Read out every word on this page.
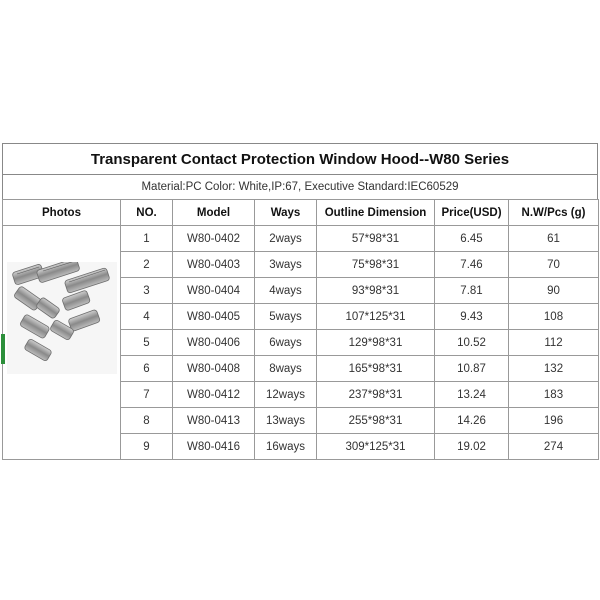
Transparent Contact Protection Window Hood--W80 Series
Material:PC Color: White,IP:67, Executive Standard:IEC60529
Photos	NO.	Model	Ways	Outline Dimension	Price(USD)	N.W/Pcs (g)

	1	W80-0402	2ways	57*98*31	6.45	61
	2	W80-0403	3ways	75*98*31	7.46	70
	3	W80-0404	4ways	93*98*31	7.81	90
	4	W80-0405	5ways	107*125*31	9.43	108
	5	W80-0406	6ways	129*98*31	10.52	112
	6	W80-0408	8ways	165*98*31	10.87	132
	7	W80-0412	12ways	237*98*31	13.24	183
	8	W80-0413	13ways	255*98*31	14.26	196
	9	W80-0416	16ways	309*125*31	19.02	274
